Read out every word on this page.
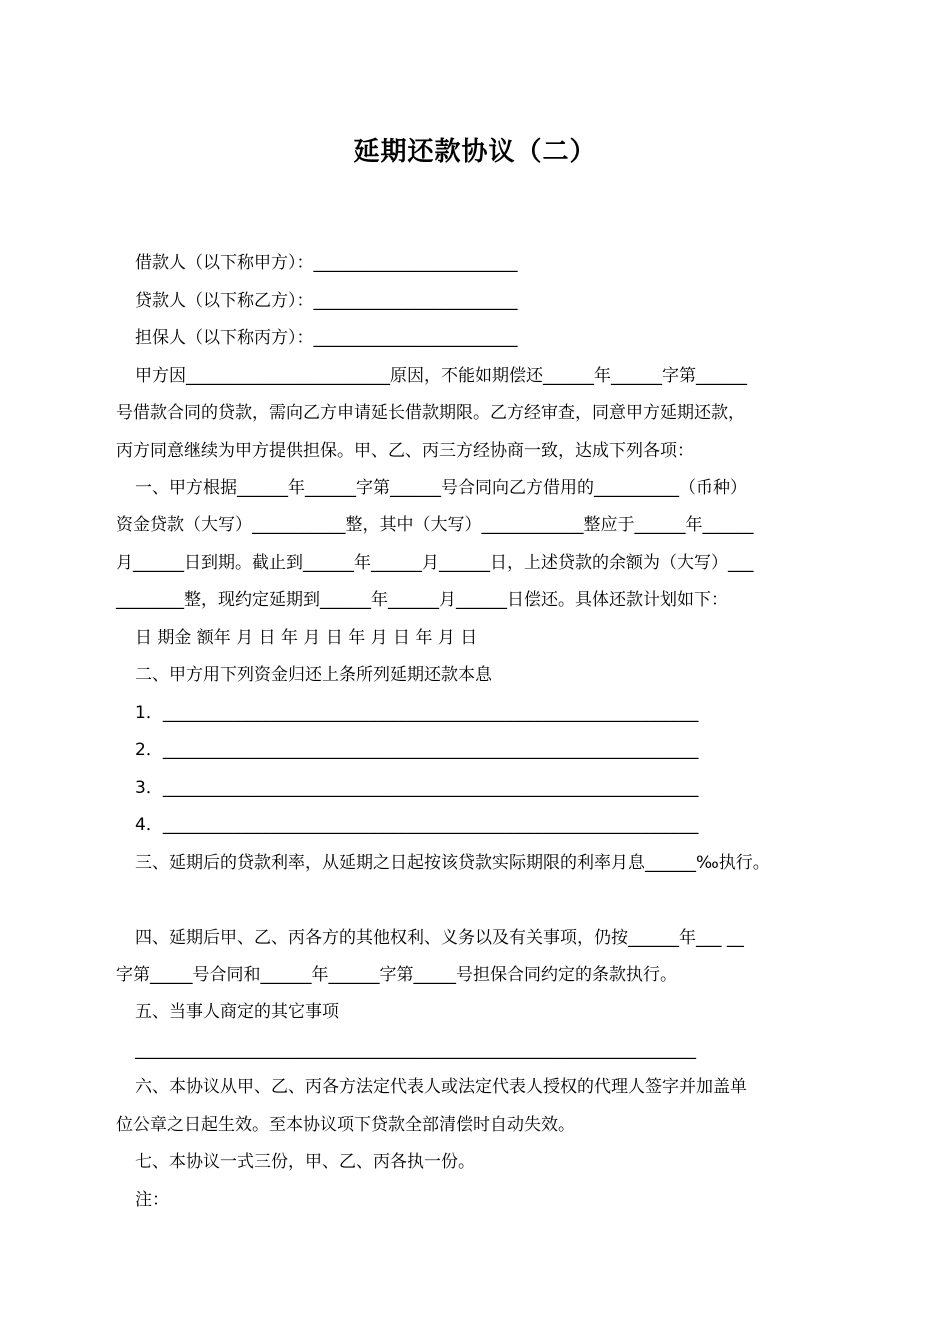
延期还款协议（二）
借款人（以下称甲方）：________________________
贷款人（以下称乙方）：________________________
担保人（以下称丙方）：________________________
甲方因________________________原因，不能如期偿还______年______字第______
号借款合同的贷款，需向乙方申请延长借款期限。乙方经审查，同意甲方延期还款，
丙方同意继续为甲方提供担保。甲、乙、丙三方经协商一致，达成下列各项：
一、甲方根据______年______字第______号合同向乙方借用的__________（币种）
资金贷款（大写）___________整，其中（大写）____________整应于______年______
月______日到期。截止到______年______月______日，上述贷款的余额为（大写）___
________整，现约定延期到______年______月______日偿还。具体还款计划如下：
日 期金 额年 月 日 年 月 日 年 月 日 年 月 日
二、甲方用下列资金归还上条所列延期还款本息
1．_______________________________________________________________
2．_______________________________________________________________
3．_______________________________________________________________
4．_______________________________________________________________
三、延期后的贷款利率，从延期之日起按该贷款实际期限的利率月息______‰执行。
四、延期后甲、乙、丙各方的其他权利、义务以及有关事项，仍按______年___ __
字第_____号合同和______年______字第_____号担保合同约定的条款执行。
五、当事人商定的其它事项
__________________________________________________________________
六、本协议从甲、乙、丙各方法定代表人或法定代表人授权的代理人签字并加盖单
位公章之日起生效。至本协议项下贷款全部清偿时自动失效。
七、本协议一式三份，甲、乙、丙各执一份。
注：
